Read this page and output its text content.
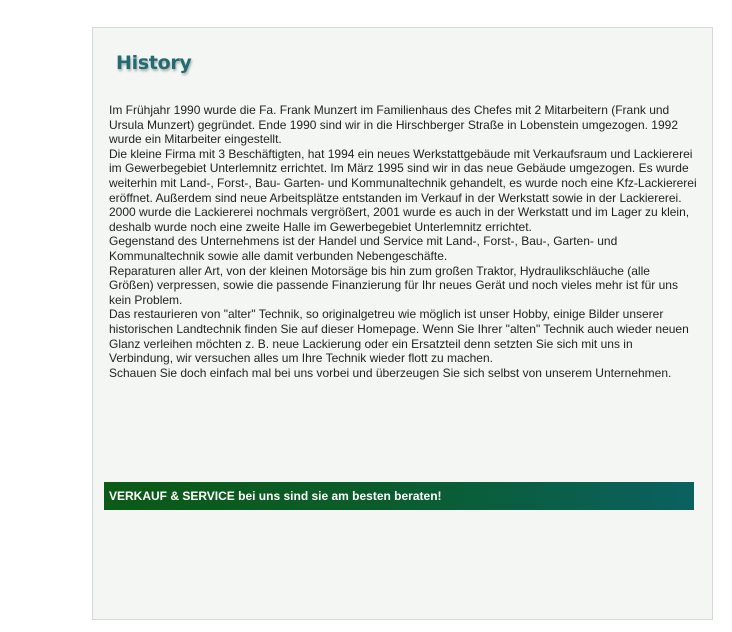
History

Im Frühjahr 1990 wurde die Fa. Frank Munzert im Familienhaus des Chefes mit 2 Mitarbeitern (Frank und Ursula Munzert) gegründet. Ende 1990 sind wir in die Hirschberger Straße in Lobenstein umgezogen. 1992 wurde ein Mitarbeiter eingestellt.

Die kleine Firma mit 3 Beschäftigten, hat 1994 ein neues Werkstattgebäude mit Verkaufsraum und Lackiererei im Gewerbegebiet Unterlemnitz errichtet. Im März 1995 sind wir in das neue Gebäude umgezogen. Es wurde weiterhin mit Land-, Forst-, Bau- Garten- und Kommunaltechnik gehandelt, es wurde noch eine Kfz-Lackiererei eröffnet. Außerdem sind neue Arbeitsplätze entstanden im Verkauf in der Werkstatt sowie in der Lackiererei. 2000 wurde die Lackiererei nochmals vergrößert, 2001 wurde es auch in der Werkstatt und im Lager zu klein, deshalb wurde noch eine zweite Halle im Gewerbegebiet Unterlemnitz errichtet.

Gegenstand des Unternehmens ist der Handel und Service mit Land-, Forst-, Bau-, Garten- und Kommunaltechnik sowie alle damit verbunden Nebengeschäfte.

Reparaturen aller Art, von der kleinen Motorsäge bis hin zum großen Traktor, Hydraulikschläuche (alle Größen) verpressen, sowie die passende Finanzierung für Ihr neues Gerät und noch vieles mehr ist für uns kein Problem.

Das restaurieren von "alter" Technik, so originalgetreu wie möglich ist unser Hobby, einige Bilder unserer historischen Landtechnik finden Sie auf dieser Homepage. Wenn Sie Ihrer "alten" Technik auch wieder neuen Glanz verleihen möchten z. B. neue Lackierung oder ein Ersatzteil denn setzten Sie sich mit uns in Verbindung, wir versuchen alles um Ihre Technik wieder flott zu machen.

Schauen Sie doch einfach mal bei uns vorbei und überzeugen Sie sich selbst von unserem Unternehmen.

VERKAUF & SERVICE bei uns sind sie am besten beraten!
